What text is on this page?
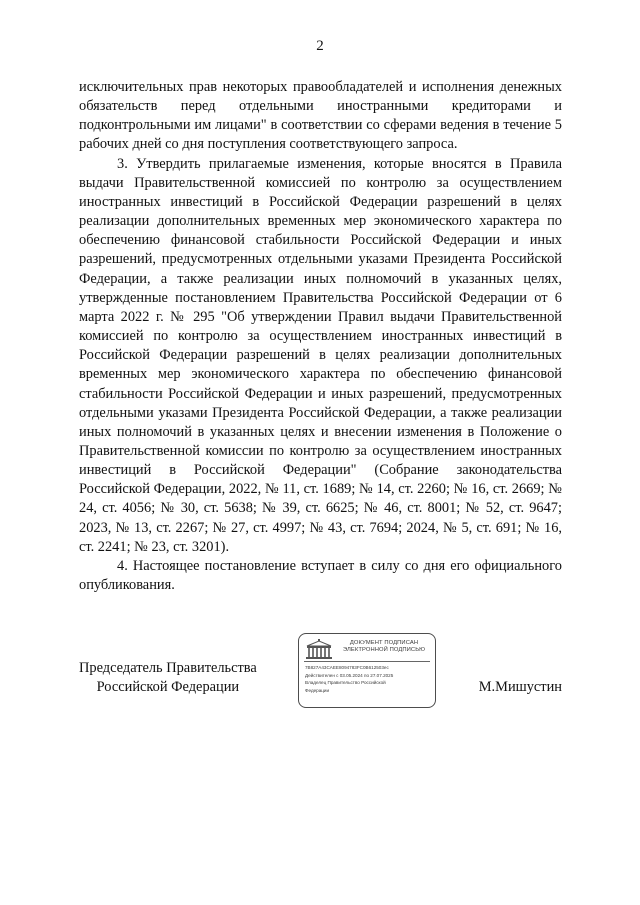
2

исключительных прав некоторых правообладателей и исполнения денежных обязательств перед отдельными иностранными кредиторами и подконтрольными им лицами" в соответствии со сферами ведения в течение 5 рабочих дней со дня поступления соответствующего запроса.

3. Утвердить прилагаемые изменения, которые вносятся в Правила выдачи Правительственной комиссией по контролю за осуществлением иностранных инвестиций в Российской Федерации разрешений в целях реализации дополнительных временных мер экономического характера по обеспечению финансовой стабильности Российской Федерации и иных разрешений, предусмотренных отдельными указами Президента Российской Федерации, а также реализации иных полномочий в указанных целях, утвержденные постановлением Правительства Российской Федерации от 6 марта 2022 г. № 295 "Об утверждении Правил выдачи Правительственной комиссией по контролю за осуществлением иностранных инвестиций в Российской Федерации разрешений в целях реализации дополнительных временных мер экономического характера по обеспечению финансовой стабильности Российской Федерации и иных разрешений, предусмотренных отдельными указами Президента Российской Федерации, а также реализации иных полномочий в указанных целях и внесении изменения в Положение о Правительственной комиссии по контролю за осуществлением иностранных инвестиций в Российской Федерации" (Собрание законодательства Российской Федерации, 2022, № 11, ст. 1689; № 14, ст. 2260; № 16, ст. 2669; № 24, ст. 4056; № 30, ст. 5638; № 39, ст. 6625; № 46, ст. 8001; № 52, ст. 9647; 2023, № 13, ст. 2267; № 27, ст. 4997; № 43, ст. 7694; 2024, № 5, ст. 691; № 16, ст. 2241; № 23, ст. 3201).

4. Настоящее постановление вступает в силу со дня его официального опубликования.

ДОКУМЕНТ ПОДПИСАН
ЭЛЕКТРОННОЙ ПОДПИСЬЮ
7B827A43CAEE8094783FC0B612503ec
Действителен с 03.05.2024 по 27.07.2025
Владелец Правительство Российской
Федерации
Председатель Правительства
Российской Федерации	М.Мишустин
